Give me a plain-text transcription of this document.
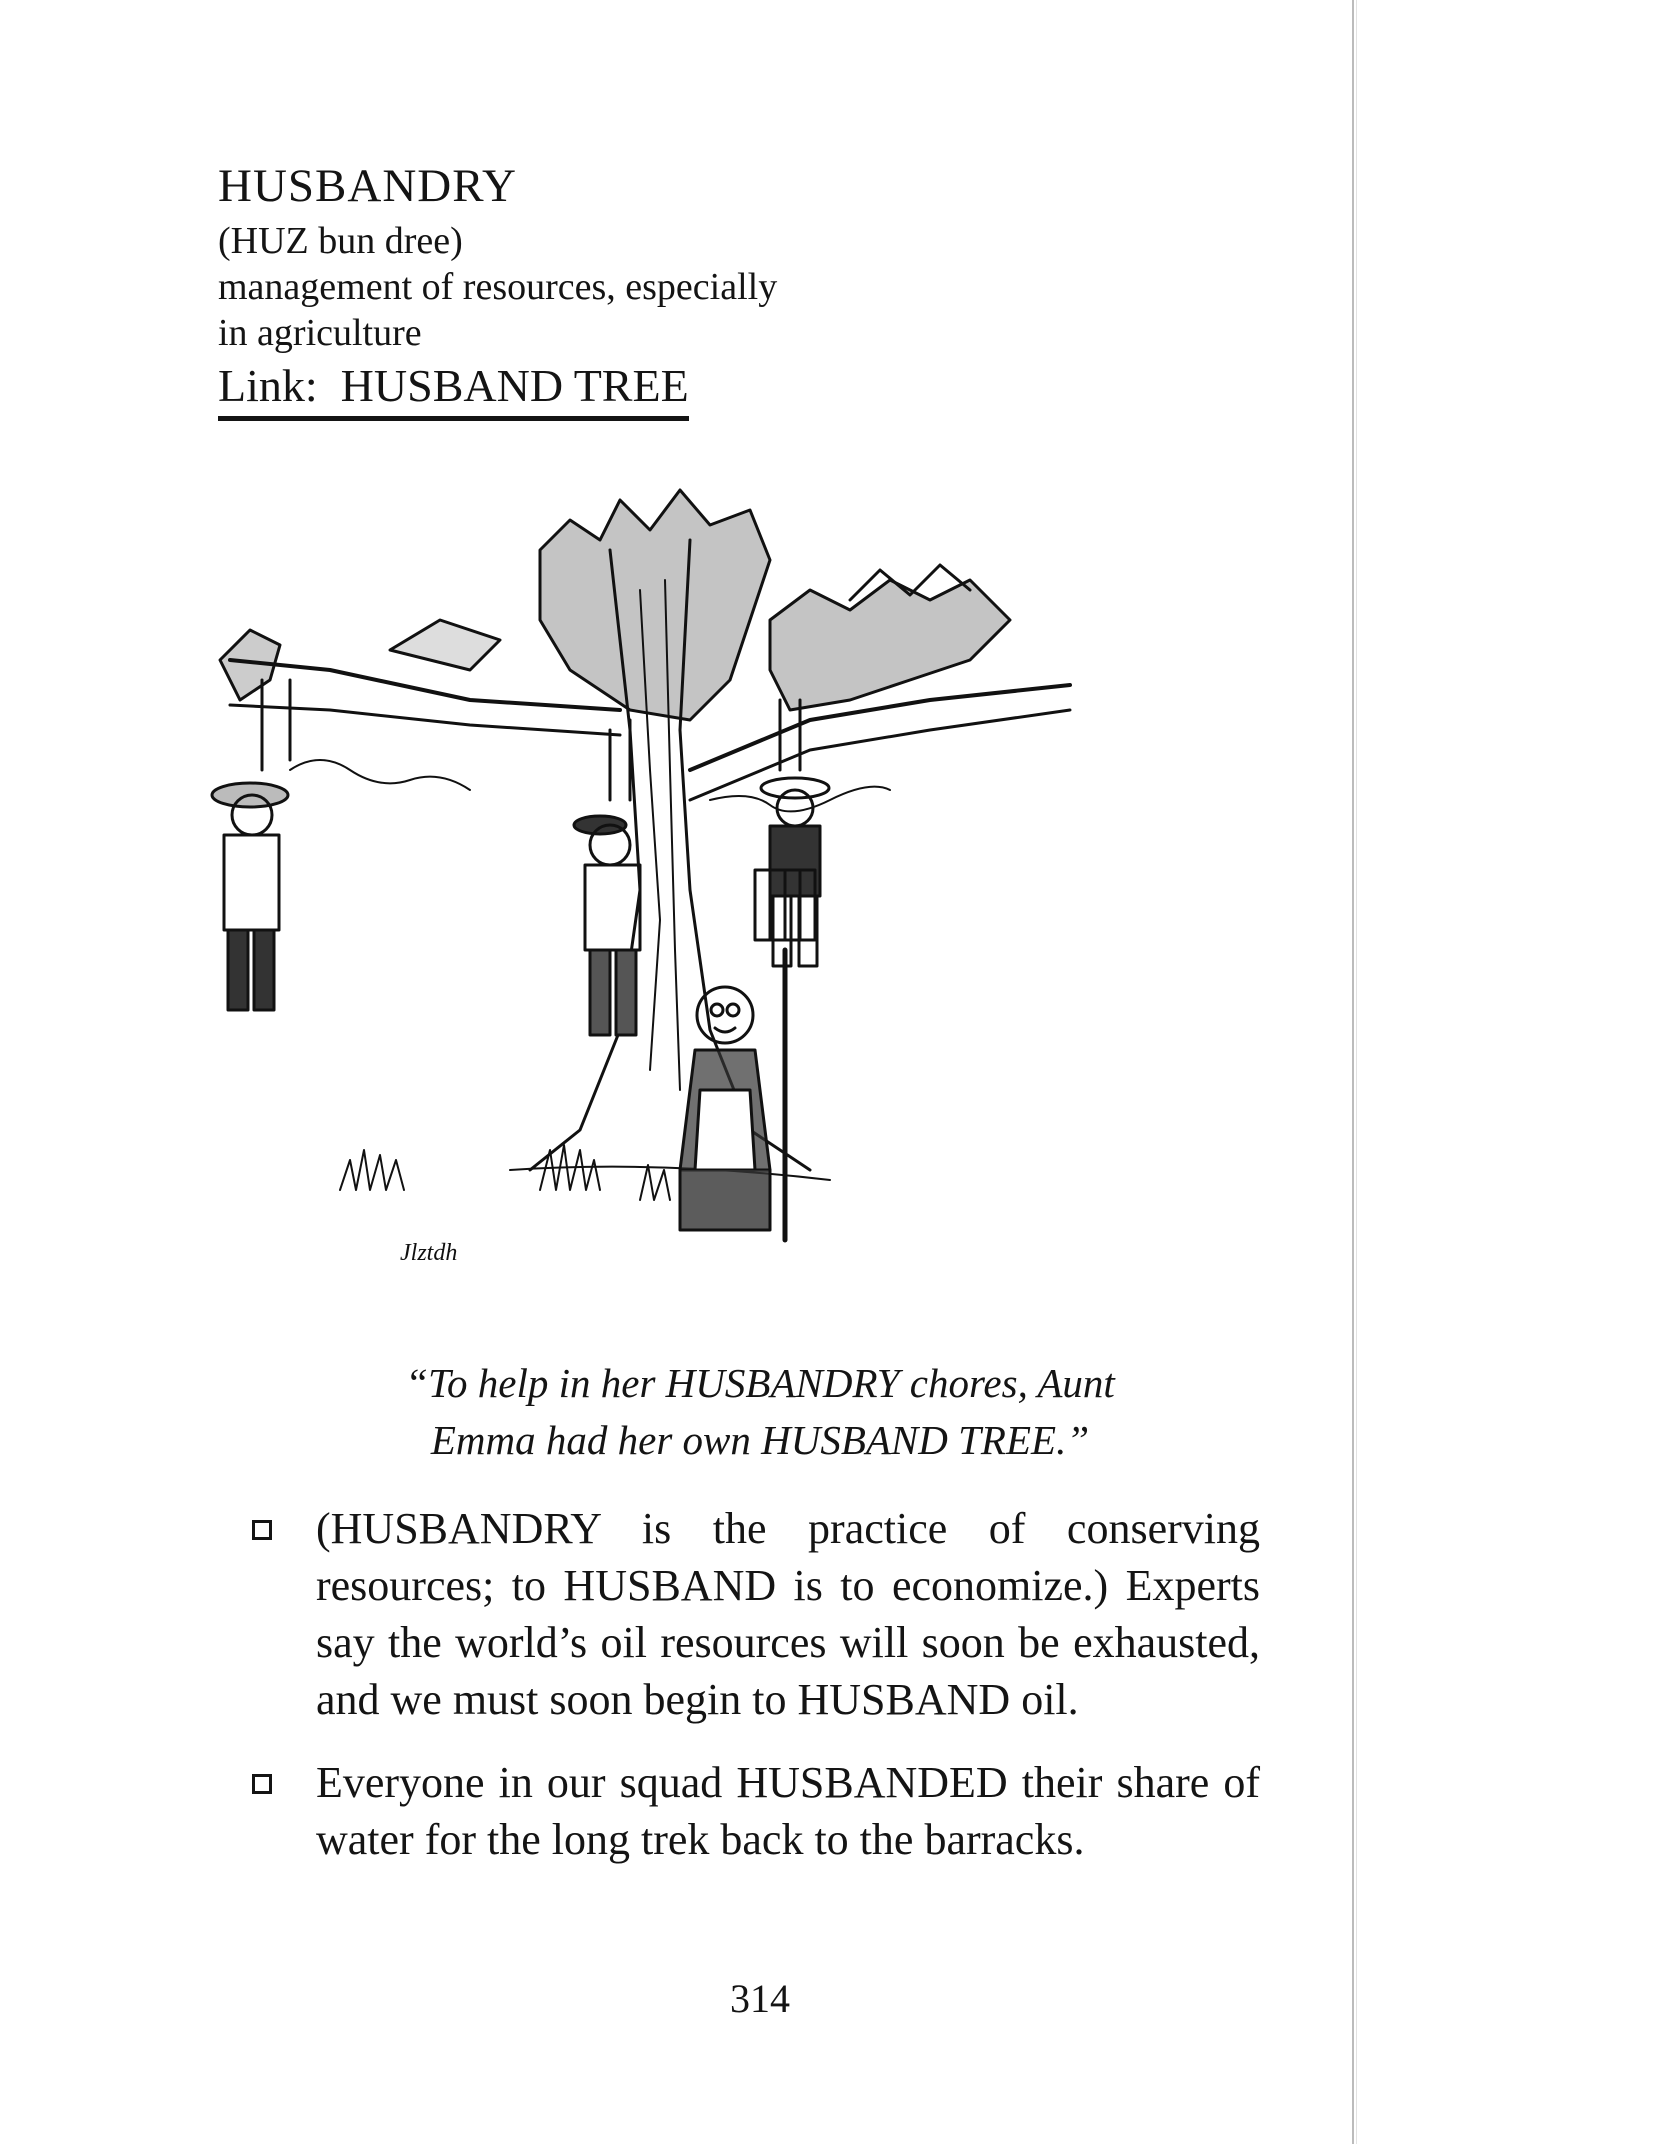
HUSBANDRY
(HUZ bun dree)
management of resources, especially
in agriculture
Link: HUSBAND TREE
Jlztdh
“To help in her HUSBANDRY chores, Aunt
Emma had her own HUSBAND TREE.”
(HUSBANDRY is the practice of conserving resources; to HUSBAND is to economize.) Experts say the world’s oil resources will soon be exhausted, and we must soon begin to HUSBAND oil.
Everyone in our squad HUSBANDED their share of water for the long trek back to the barracks.
314
